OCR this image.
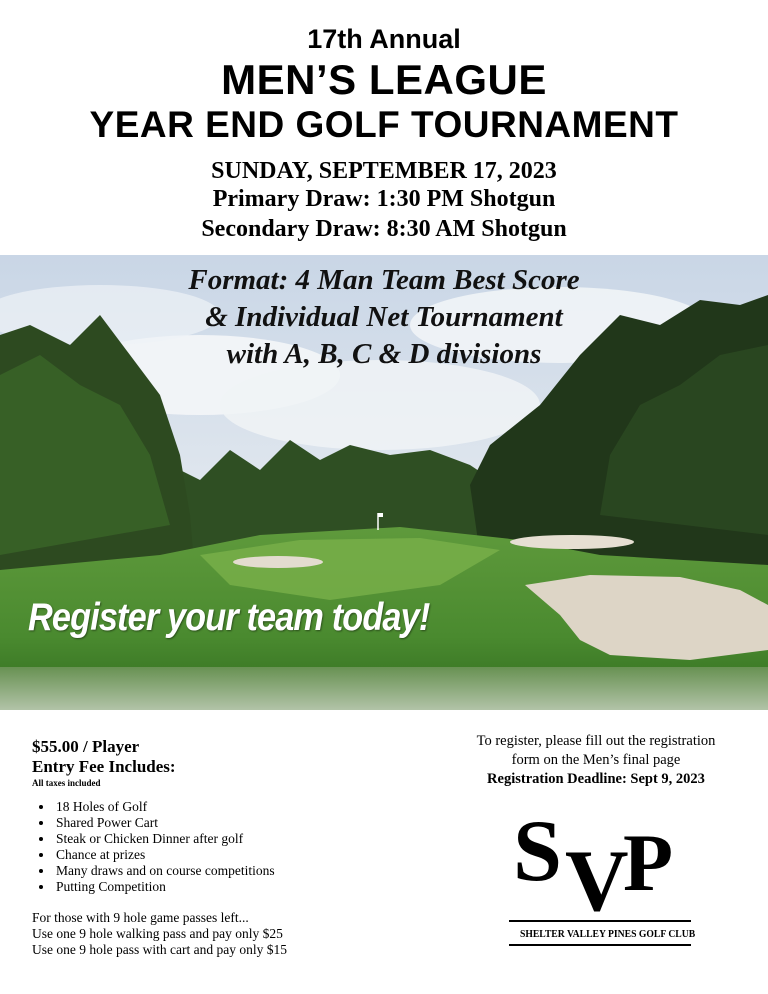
17th Annual
MEN’S LEAGUE
YEAR END GOLF TOURNAMENT
SUNDAY, SEPTEMBER 17, 2023
Primary Draw: 1:30 PM Shotgun
Secondary Draw: 8:30 AM Shotgun
Format: 4 Man Team Best Score
& Individual Net Tournament
with A, B, C & D divisions
Register your team today!
$55.00 / Player
Entry Fee Includes:
All taxes included
• 18 Holes of Golf
• Shared Power Cart
• Steak or Chicken Dinner after golf
• Chance at prizes
• Many draws and on course competitions
• Putting Competition
For those with 9 hole game passes left...
Use one 9 hole walking pass and pay only $25
Use one 9 hole pass with cart and pay only $15
To register, please fill out the registration
form on the Men’s final page
Registration Deadline: Sept 9, 2023
S V
P
SHELTER VALLEY PINES GOLF CLUB
